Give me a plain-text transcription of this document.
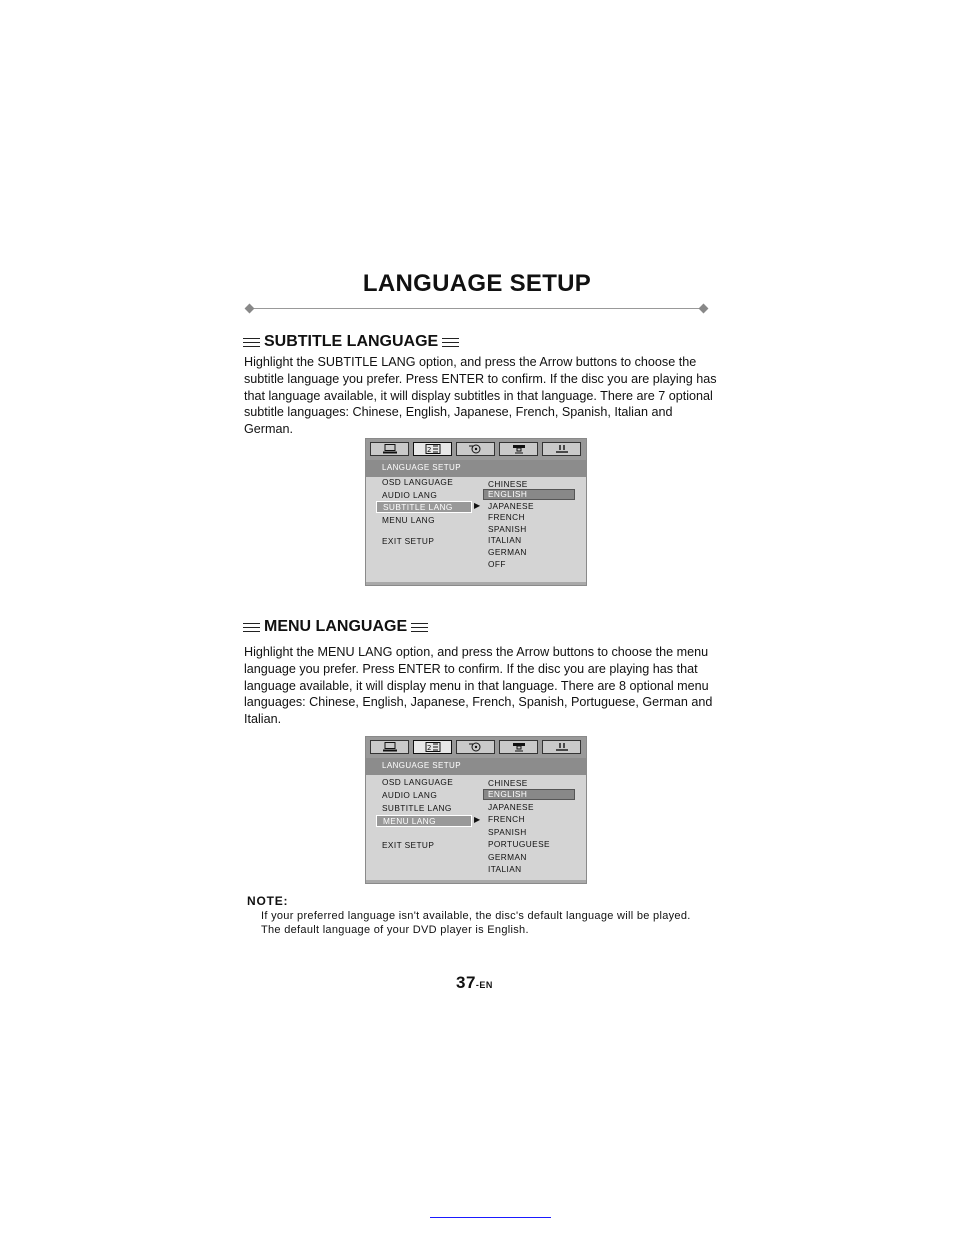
LANGUAGE SETUP
SUBTITLE LANGUAGE
Highlight the SUBTITLE LANG option, and press the Arrow buttons to choose the
subtitle language you prefer. Press ENTER to confirm. If the disc you are playing has
that language available, it will display subtitles in that language. There are 7 optional
subtitle languages: Chinese, English, Japanese, French, Spanish, Italian and
German.
2
LANGUAGE SETUP
OSD LANGUAGE
AUDIO LANG
SUBTITLE LANG
MENU LANG
EXIT SETUP
▶
CHINESE
ENGLISH
JAPANESE
FRENCH
SPANISH
ITALIAN
GERMAN
OFF
MENU LANGUAGE
Highlight the MENU LANG option, and press the Arrow buttons to choose the menu
language you prefer. Press ENTER to confirm. If the disc you are playing has that
language available, it will display menu in that language. There are 8 optional menu
languages: Chinese, English, Japanese, French, Spanish, Portuguese, German and
Italian.
2
LANGUAGE SETUP
OSD LANGUAGE
AUDIO LANG
SUBTITLE LANG
MENU LANG
EXIT SETUP
▶
CHINESE
ENGLISH
JAPANESE
FRENCH
SPANISH
PORTUGUESE
GERMAN
ITALIAN
NOTE:
If your preferred language isn't available, the disc's default language will be played.
The default language of your DVD player is English.
37-EN
